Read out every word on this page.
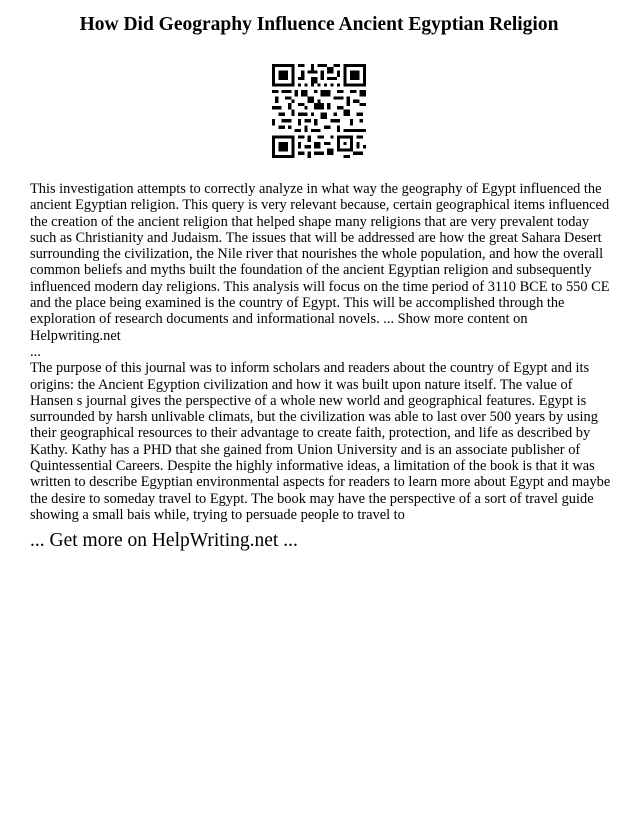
How Did Geography Influence Ancient Egyptian Religion

This investigation attempts to correctly analyze in what way the geography of Egypt influenced the ancient Egyptian religion. This query is very relevant because, certain geographical items influenced the creation of the ancient religion that helped shape many religions that are very prevalent today such as Christianity and Judaism. The issues that will be addressed are how the great Sahara Desert surrounding the civilization, the Nile river that nourishes the whole population, and how the overall common beliefs and myths built the foundation of the ancient Egyptian religion and subsequently influenced modern day religions. This analysis will focus on the time period of 3110 BCE to 550 CE and the place being examined is the country of Egypt. This will be accomplished through the exploration of research documents and informational novels. ... Show more content on Helpwriting.net

...

The purpose of this journal was to inform scholars and readers about the country of Egypt and its origins: the Ancient Egyption civilization and how it was built upon nature itself. The value of Hansen s journal gives the perspective of a whole new world and geographical features. Egypt is surrounded by harsh unlivable climats, but the civilization was able to last over 500 years by using their geographical resources to their advantage to create faith, protection, and life as described by Kathy. Kathy has a PHD that she gained from Union University and is an associate publisher of Quintessential Careers. Despite the highly informative ideas, a limitation of the book is that it was written to describe Egyptian environmental aspects for readers to learn more about Egypt and maybe the desire to someday travel to Egypt. The book may have the perspective of a sort of travel guide showing a small bais while, trying to persuade people to travel to

... Get more on HelpWriting.net ...
